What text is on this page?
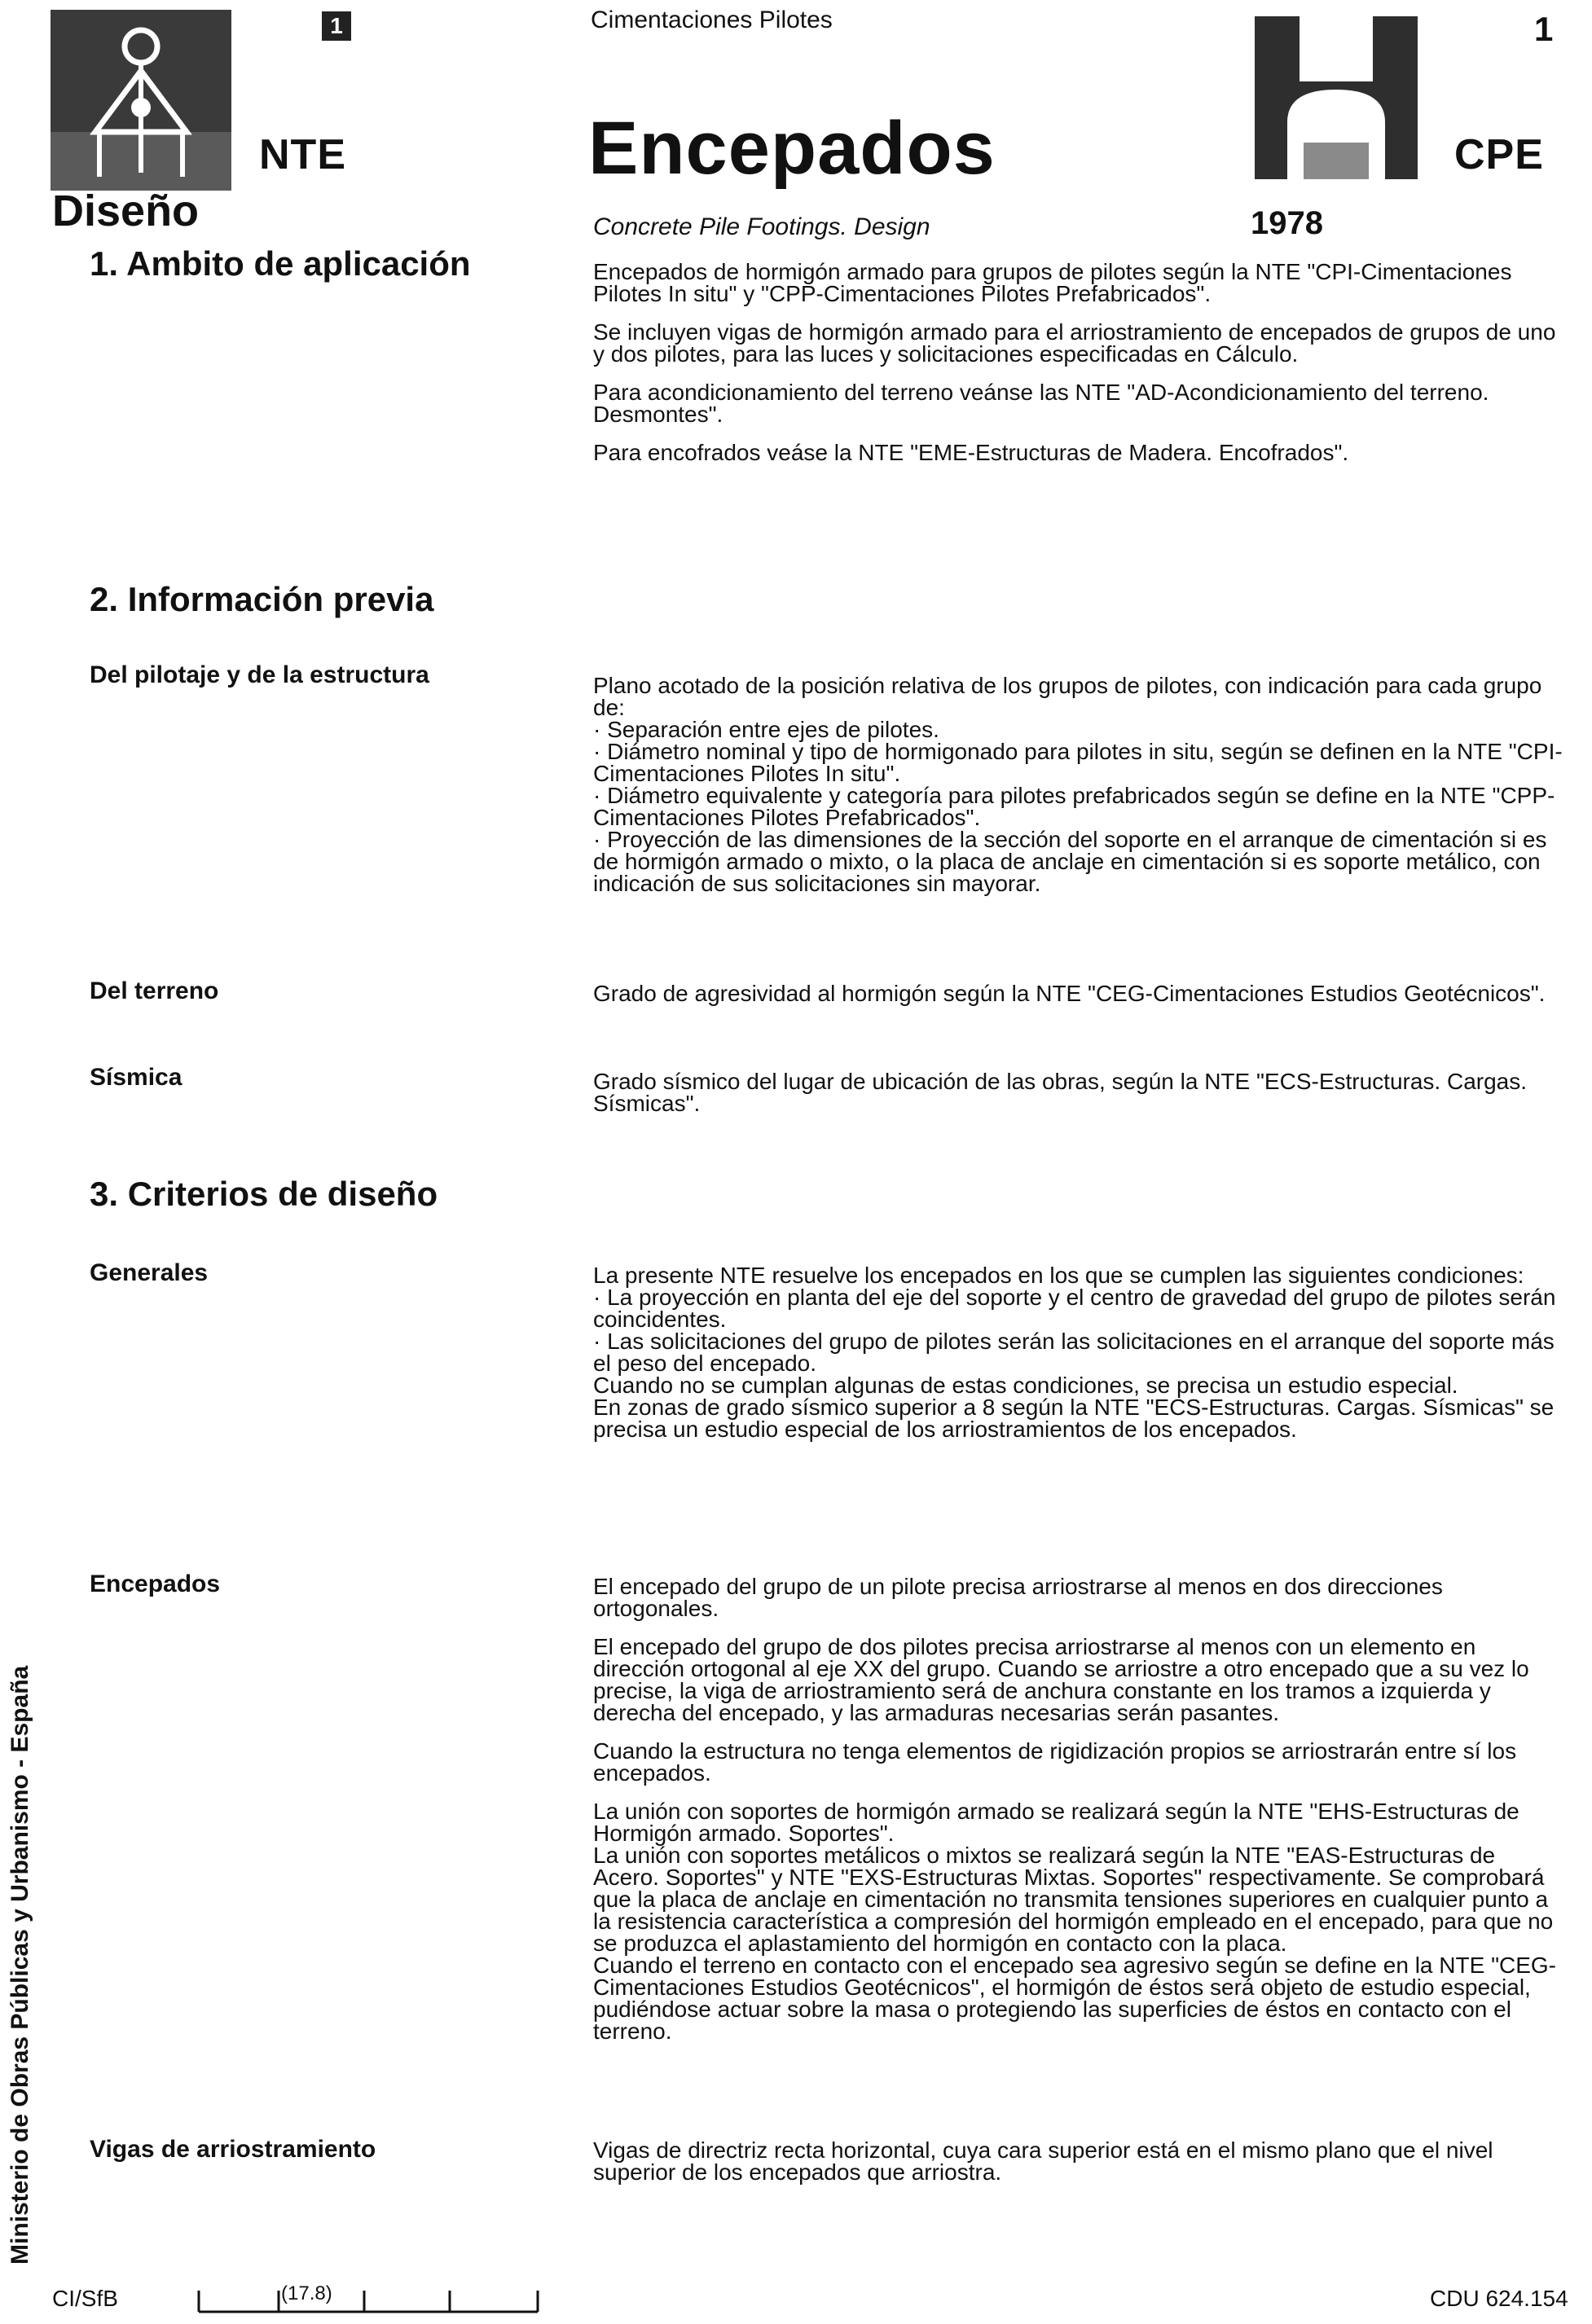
1
NTE
Cimentaciones Pilotes
Encepados
Concrete Pile Footings. Design
1
CPE
1978
Diseño
1. Ambito de aplicación	Encepados de hormigón armado para grupos de pilotes según la NTE "CPI-Cimentaciones Pilotes In situ" y "CPP-Cimentaciones Pilotes Prefabricados".

Se incluyen vigas de hormigón armado para el arriostramiento de encepados de grupos de uno y dos pilotes, para las luces y solicitaciones especificadas en Cálculo.

Para acondicionamiento del terreno veánse las NTE "AD-Acondicionamiento del terreno. Desmontes".

Para encofrados veáse la NTE "EME-Estructuras de Madera. Encofrados".

2. Información previa
Del pilotaje y de la estructura	Plano acotado de la posición relativa de los grupos de pilotes, con indicación para cada grupo de:

· Separación entre ejes de pilotes.

· Diámetro nominal y tipo de hormigonado para pilotes in situ, según se definen en la NTE "CPI-Cimentaciones Pilotes In situ".

· Diámetro equivalente y categoría para pilotes prefabricados según se define en la NTE "CPP-Cimentaciones Pilotes Prefabricados".

· Proyección de las dimensiones de la sección del soporte en el arranque de cimentación si es de hormigón armado o mixto, o la placa de anclaje en cimentación si es soporte metálico, con indicación de sus solicitaciones sin mayorar.

Del terreno	Grado de agresividad al hormigón según la NTE "CEG-Cimentaciones Estudios Geotécnicos".

Sísmica	Grado sísmico del lugar de ubicación de las obras, según la NTE "ECS-Estructuras. Cargas. Sísmicas".

3. Criterios de diseño
Generales	La presente NTE resuelve los encepados en los que se cumplen las siguientes condiciones:

· La proyección en planta del eje del soporte y el centro de gravedad del grupo de pilotes serán coincidentes.

· Las solicitaciones del grupo de pilotes serán las solicitaciones en el arranque del soporte más el peso del encepado.

Cuando no se cumplan algunas de estas condiciones, se precisa un estudio especial.

En zonas de grado sísmico superior a 8 según la NTE "ECS-Estructuras. Cargas. Sísmicas" se precisa un estudio especial de los arriostramientos de los encepados.

Encepados	El encepado del grupo de un pilote precisa arriostrarse al menos en dos direcciones ortogonales.

El encepado del grupo de dos pilotes precisa arriostrarse al menos con un elemento en dirección ortogonal al eje XX del grupo. Cuando se arriostre a otro encepado que a su vez lo precise, la viga de arriostramiento será de anchura constante en los tramos a izquierda y derecha del encepado, y las armaduras necesarias serán pasantes.

Cuando la estructura no tenga elementos de rigidización propios se arriostrarán entre sí los encepados.

La unión con soportes de hormigón armado se realizará según la NTE "EHS-Estructuras de Hormigón armado. Soportes".

La unión con soportes metálicos o mixtos se realizará según la NTE "EAS-Estructuras de Acero. Soportes" y NTE "EXS-Estructuras Mixtas. Soportes" respectivamente. Se comprobará que la placa de anclaje en cimentación no transmita tensiones superiores en cualquier punto a la resistencia característica a compresión del hormigón empleado en el encepado, para que no se produzca el aplastamiento del hormigón en contacto con la placa.

Cuando el terreno en contacto con el encepado sea agresivo según se define en la NTE "CEG-Cimentaciones Estudios Geotécnicos", el hormigón de éstos será objeto de estudio especial, pudiéndose actuar sobre la masa o protegiendo las superficies de éstos en contacto con el terreno.

Vigas de arriostramiento	Vigas de directriz recta horizontal, cuya cara superior está en el mismo plano que el nivel superior de los encepados que arriostra.

Ministerio de Obras Públicas y Urbanismo - España
CI/SfB	(17.8)	CDU 624.154
